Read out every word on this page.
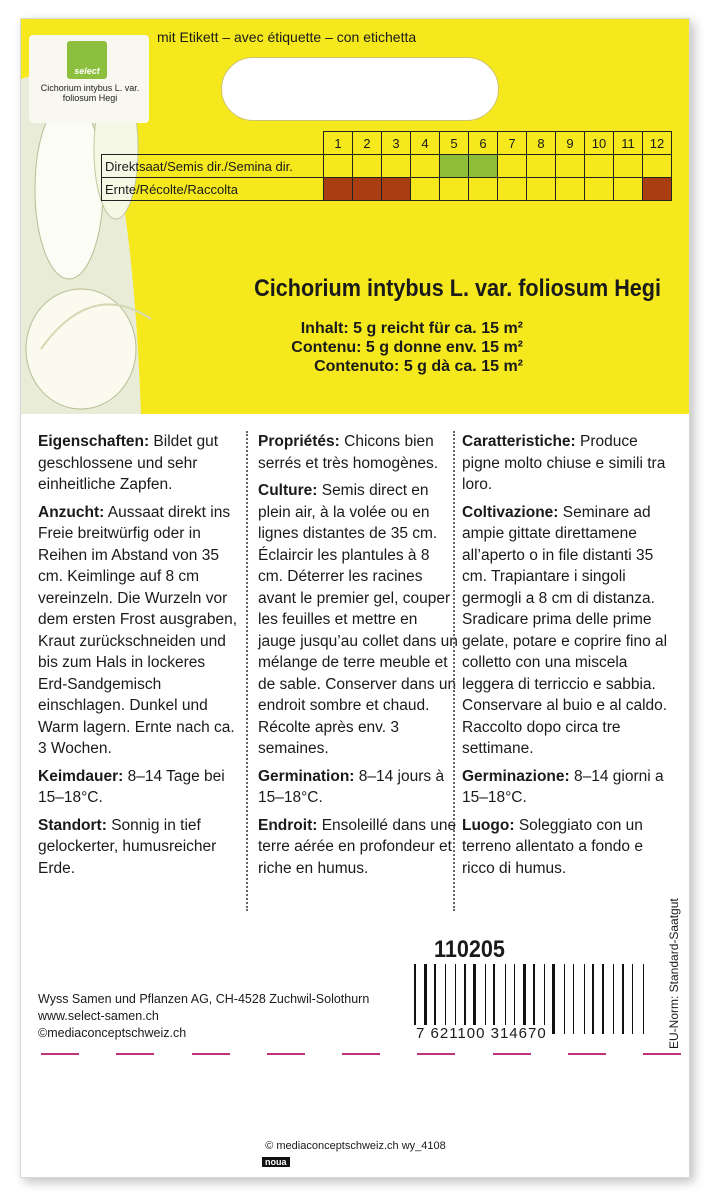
select
Cichorium intybus L. var.
foliosum Hegi
mit Etikett – avec étiquette – con etichetta
	1	2	3	4	5	6	7	8	9	10	11	12
Direktsaat/Semis dir./Semina dir.												
Ernte/Récolte/Raccolta												
Cichorium intybus L. var. foliosum Hegi
Inhalt: 5 g reicht für ca. 15 m²
Contenu: 5 g donne env. 15 m²
Contenuto: 5 g dà ca. 15 m²

Eigenschaften: Bildet gut geschlossene und sehr einheitliche Zapfen.

Anzucht: Aussaat direkt ins Freie breitwürfig oder in Reihen im Abstand von 35 cm. Keimlinge auf 8 cm vereinzeln. Die Wurzeln vor dem ersten Frost ausgraben, Kraut zurückschneiden und bis zum Hals in lockeres Erd-Sandgemisch einschlagen. Dunkel und Warm lagern. Ernte nach ca. 3 Wochen.

Keimdauer: 8–14 Tage bei 15–18°C.

Standort: Sonnig in tief gelockerter, humusreicher Erde.

Propriétés: Chicons bien serrés et très homogènes.

Culture: Semis direct en plein air, à la volée ou en lignes distantes de 35 cm. Éclaircir les plantules à 8 cm. Déterrer les racines avant le premier gel, couper les feuilles et mettre en jauge jusqu’au collet dans un mélange de terre meuble et de sable. Conserver dans un endroit sombre et chaud. Récolte après env. 3 semaines.

Germination: 8–14 jours à 15–18°C.

Endroit: Ensoleillé dans une terre aérée en profondeur et riche en humus.

Caratteristiche: Produce pigne molto chiuse e simili tra loro.

Coltivazione: Seminare ad ampie gittate direttamene all’aperto o in file distanti 35 cm. Trapiantare i singoli germogli a 8 cm di distanza. Sradicare prima delle prime gelate, potare e coprire fino al colletto con una miscela leggera di terriccio e sabbia. Conservare al buio e al caldo. Raccolto dopo circa tre settimane.

Germinazione: 8–14 giorni a 15–18°C.

Luogo: Soleggiato con un terreno allentato a fondo e ricco di humus.

110205
7 621100 314670	EU-Norm: Standard-Saatgut
Wyss Samen und Pflanzen AG, CH-4528 Zuchwil-Solothurn
www.select-samen.ch
©mediaconceptschweiz.ch
© mediaconceptschweiz.ch wy_4108
noua
